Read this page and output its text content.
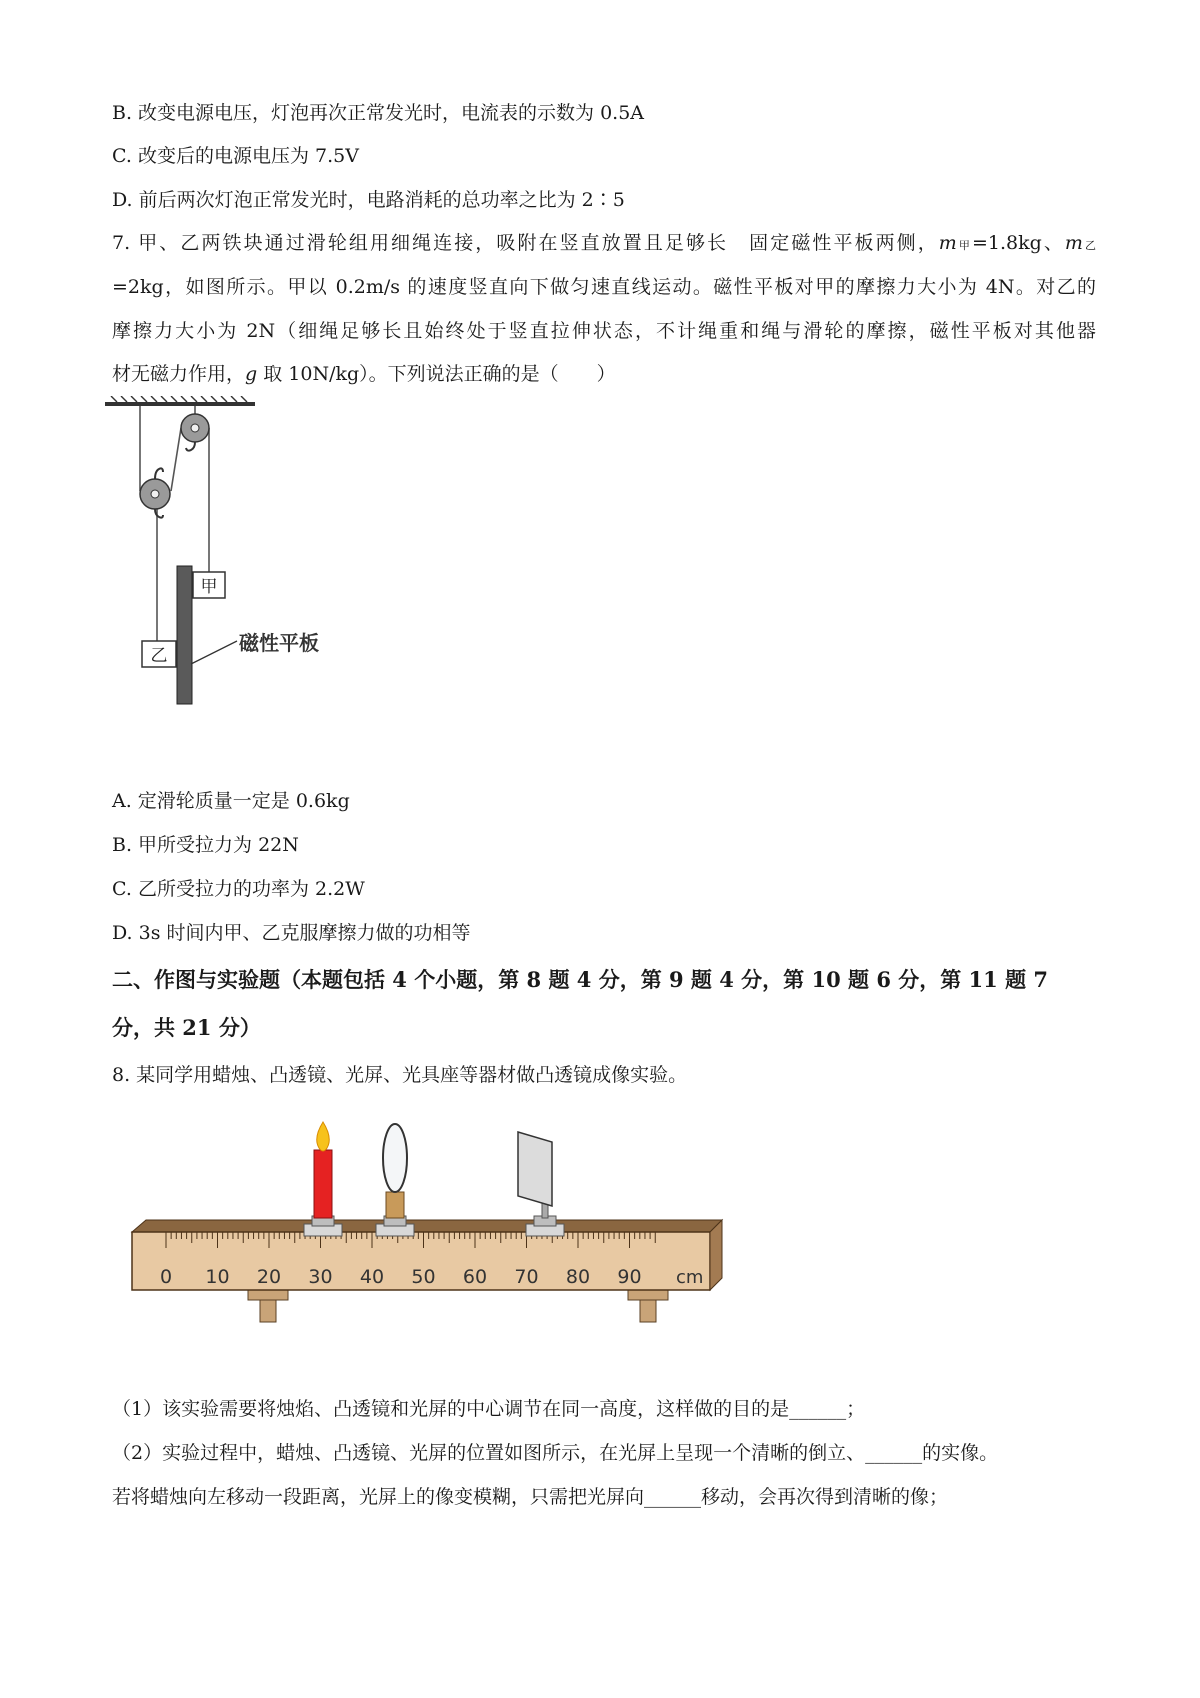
B. 改变电源电压，灯泡再次正常发光时，电流表的示数为 0.5A
C. 改变后的电源电压为 7.5V
D. 前后两次灯泡正常发光时，电路消耗的总功率之比为 2∶5
7. 甲、乙两铁块通过滑轮组用细绳连接，吸附在竖直放置且足够长　固定磁性平板两侧，m甲=1.8kg、m乙
=2kg，如图所示。甲以 0.2m/s 的速度竖直向下做匀速直线运动。磁性平板对甲的摩擦力大小为 4N。对乙的
摩擦力大小为 2N（细绳足够长且始终处于竖直拉伸状态，不计绳重和绳与滑轮的摩擦，磁性平板对其他器
材无磁力作用，g 取 10N/kg）。下列说法正确的是（　　）
甲
乙
磁性平板
A. 定滑轮质量一定是 0.6kg
B. 甲所受拉力为 22N
C. 乙所受拉力的功率为 2.2W
D. 3s 时间内甲、乙克服摩擦力做的功相等
二、作图与实验题（本题包括 4 个小题，第 8 题 4 分，第 9 题 4 分，第 10 题 6 分，第 11 题 7
分，共 21 分）
8. 某同学用蜡烛、凸透镜、光屏、光具座等器材做凸透镜成像实验。
0 10 20 30 40 50 60 70 80 90 cm
（1）该实验需要将烛焰、凸透镜和光屏的中心调节在同一高度，这样做的目的是______；
（2）实验过程中，蜡烛、凸透镜、光屏的位置如图所示，在光屏上呈现一个清晰的倒立、______的实像。
若将蜡烛向左移动一段距离，光屏上的像变模糊，只需把光屏向______移动，会再次得到清晰的像；
